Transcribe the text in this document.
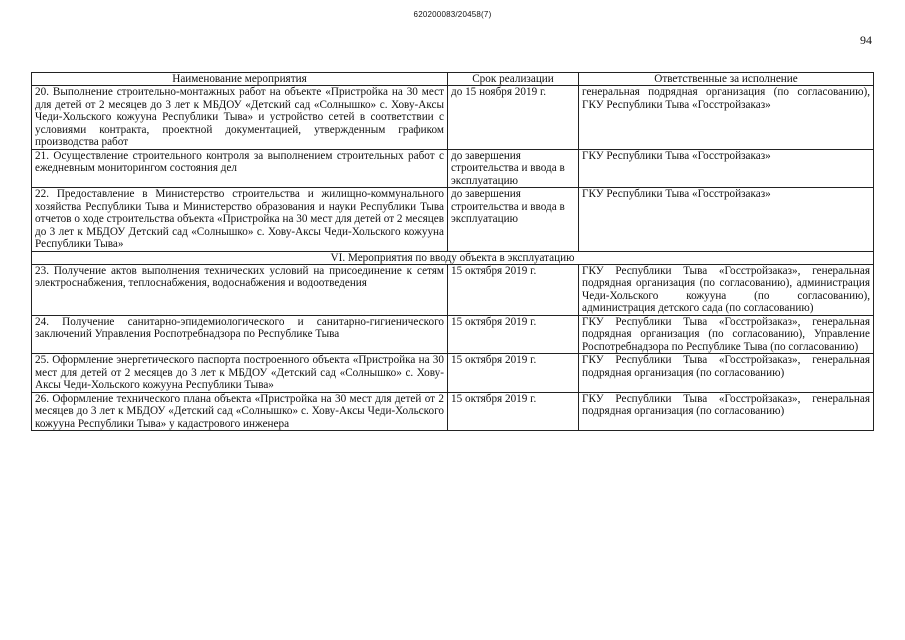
620200083/20458(7)
94
Наименование мероприятия	Срок реализации	Ответственные за исполнение
20. Выполнение строительно-монтажных работ на объекте «Пристройка на 30 мест для детей от 2 месяцев до 3 лет к МБДОУ «Детский сад «Солнышко» с. Хову-Аксы Чеди-Хольского кожууна Республики Тыва» и устройство сетей в соответствии с условиями контракта, проектной документацией, утвержденным графиком производства работ	до 15 ноября 2019 г.	генеральная подрядная организация (по согласованию), ГКУ Республики Тыва «Госстройзаказ»
21. Осуществление строительного контроля за выполнением строительных работ с ежедневным мониторингом состояния дел	до завершения строительства и ввода в эксплуатацию	ГКУ Республики Тыва «Госстройзаказ»
22. Предоставление в Министерство строительства и жилищно-коммунального хозяйства Республики Тыва и Министерство образования и науки Республики Тыва отчетов о ходе строительства объекта «Пристройка на 30 мест для детей от 2 месяцев до 3 лет к МБДОУ Детский сад «Солнышко» с. Хову-Аксы Чеди-Хольского кожууна Республики Тыва»	до завершения строительства и ввода в эксплуатацию	ГКУ Республики Тыва «Госстройзаказ»
VI. Мероприятия по вводу объекта в эксплуатацию		
23. Получение актов выполнения технических условий на присоединение к сетям электроснабжения, теплоснабжения, водоснабжения и водоотведения	15 октября 2019 г.	ГКУ Республики Тыва «Госстройзаказ», генеральная подрядная организация (по согласованию), администрация Чеди-Хольского кожууна (по согласованию), администрация детского сада (по согласованию)
24. Получение санитарно-эпидемиологического и санитарно-гигиенического заключений Управления Роспотребнадзора по Республике Тыва	15 октября 2019 г.	ГКУ Республики Тыва «Госстройзаказ», генеральная подрядная организация (по согласованию), Управление Роспотребнадзора по Республике Тыва (по согласованию)
25. Оформление энергетического паспорта построенного объекта «Пристройка на 30 мест для детей от 2 месяцев до 3 лет к МБДОУ «Детский сад «Солнышко» с. Хову-Аксы Чеди-Хольского кожууна Республики Тыва»	15 октября 2019 г.	ГКУ Республики Тыва «Госстройзаказ», генеральная подрядная организация (по согласованию)
26. Оформление технического плана объекта «Пристройка на 30 мест для детей от 2 месяцев до 3 лет к МБДОУ «Детский сад «Солнышко» с. Хову-Аксы Чеди-Хольского кожууна Республики Тыва» у кадастрового инженера	15 октября 2019 г.	ГКУ Республики Тыва «Госстройзаказ», генеральная подрядная организация (по согласованию)
